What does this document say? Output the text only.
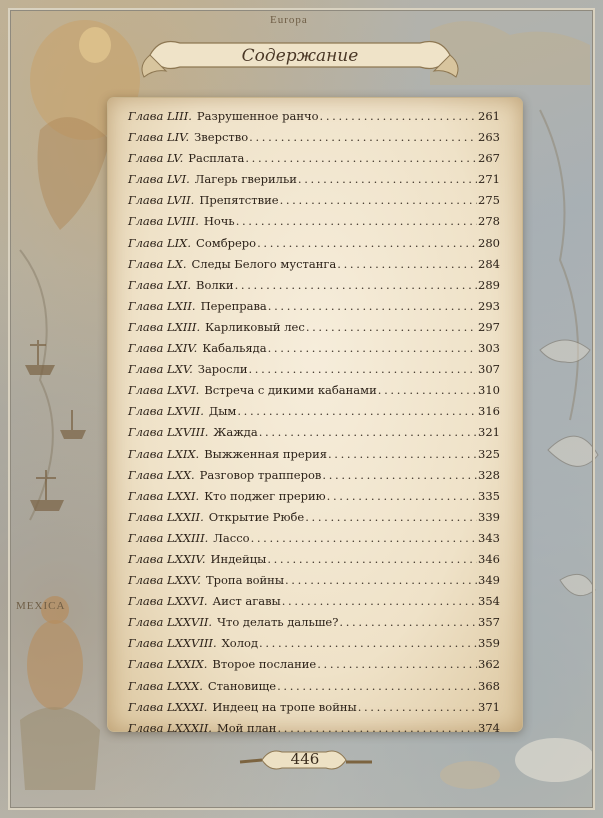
Europa
MEXICA
Содержание
Глава LIII. Разрушенное ранчо . . .	261
Глава LIV. Зверство . . .	263
Глава LV. Расплата . . .	267
Глава LVI. Лагерь гверильи . . .	271
Глава LVII. Препятствие . . .	275
Глава LVIII. Ночь . . .	278
Глава LIX. Сомбреро . . .	280
Глава LX. Следы Белого мустанга . . .	284
Глава LXI. Волки . . .	289
Глава LXII. Переправа . . .	293
Глава LXIII. Карликовый лес . . .	297
Глава LXIV. Кабальяда . . .	303
Глава LXV. Заросли . . .	307
Глава LXVI. Встреча с дикими кабанами . . .	310
Глава LXVII. Дым . . .	316
Глава LXVIII. Жажда . . .	321
Глава LXIX. Выжженная прерия . . .	325
Глава LXX. Разговор трапперов . . .	328
Глава LXXI. Кто поджег прерию . . .	335
Глава LXXII. Открытие Рюбе . . .	339
Глава LXXIII. Лассо . . .	343
Глава LXXIV. Индейцы . . .	346
Глава LXXV. Тропа войны . . .	349
Глава LXXVI. Аист агавы . . .	354
Глава LXXVII. Что делать дальше? . . .	357
Глава LXXVIII. Холод . . .	359
Глава LXXIX. Второе послание . . .	362
Глава LXXX. Становище . . .	368
Глава LXXXI. Индеец на тропе войны . . .	371
Глава LXXXII. Мой план . . .	374
446
